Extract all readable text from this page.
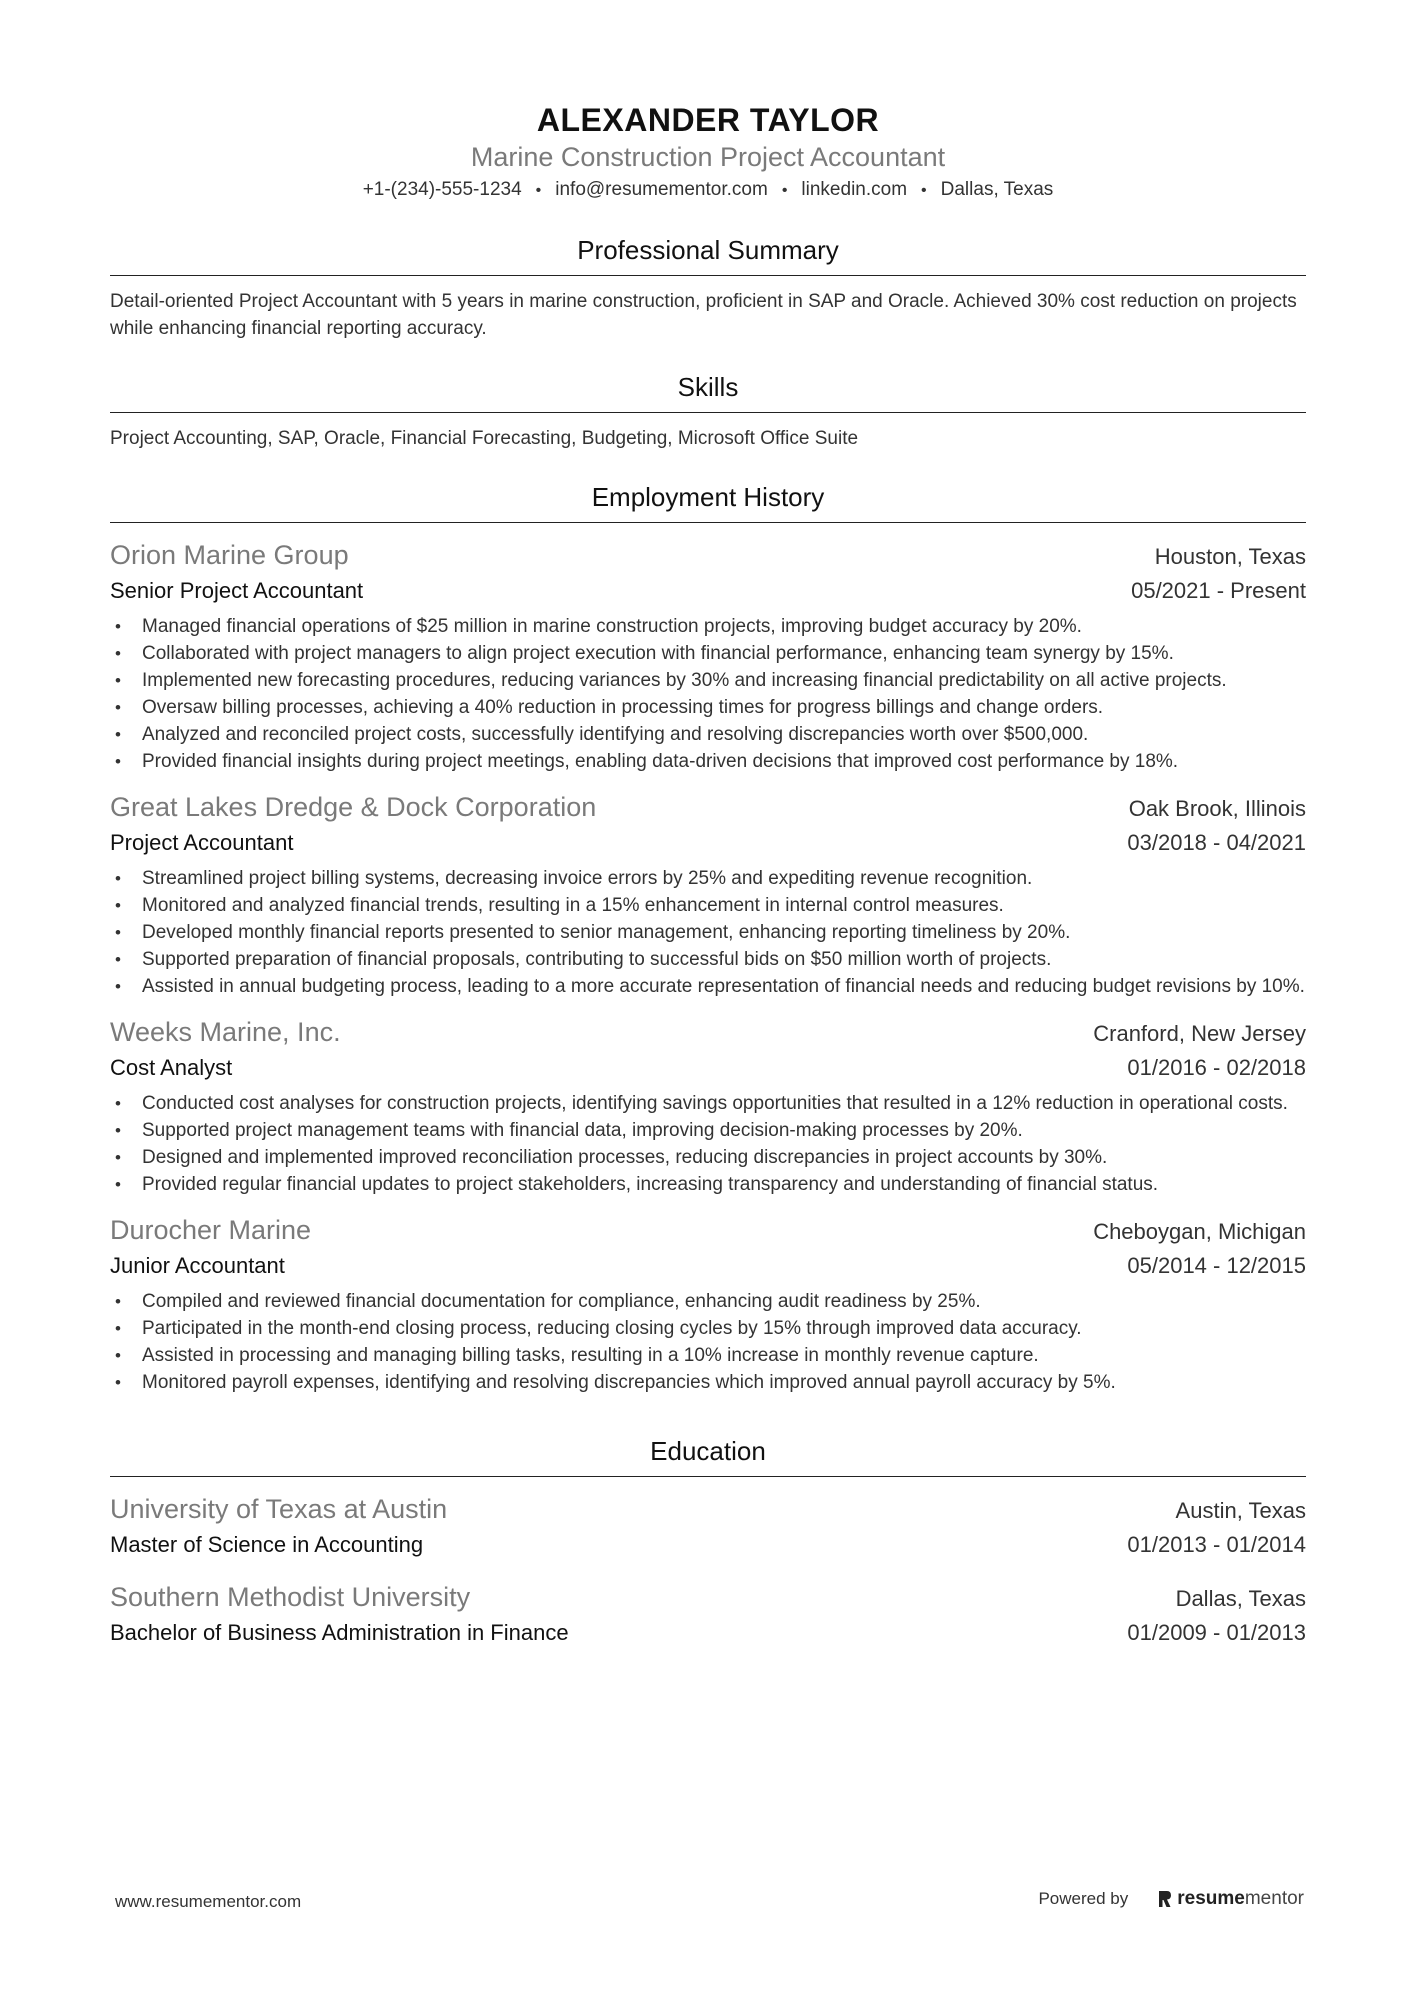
ALEXANDER TAYLOR
Marine Construction Project Accountant
+1-(234)-555-1234 • info@resumementor.com • linkedin.com • Dallas, Texas
Professional Summary
Detail-oriented Project Accountant with 5 years in marine construction, proficient in SAP and Oracle. Achieved 30% cost reduction on projects while enhancing financial reporting accuracy.
Skills
Project Accounting, SAP, Oracle, Financial Forecasting, Budgeting, Microsoft Office Suite
Employment History
Orion Marine Group	Houston, Texas
Senior Project Accountant	05/2021 - Present
• Managed financial operations of $25 million in marine construction projects, improving budget accuracy by 20%.
• Collaborated with project managers to align project execution with financial performance, enhancing team synergy by 15%.
• Implemented new forecasting procedures, reducing variances by 30% and increasing financial predictability on all active projects.
• Oversaw billing processes, achieving a 40% reduction in processing times for progress billings and change orders.
• Analyzed and reconciled project costs, successfully identifying and resolving discrepancies worth over $500,000.
• Provided financial insights during project meetings, enabling data-driven decisions that improved cost performance by 18%.
Great Lakes Dredge & Dock Corporation	Oak Brook, Illinois
Project Accountant	03/2018 - 04/2021
• Streamlined project billing systems, decreasing invoice errors by 25% and expediting revenue recognition.
• Monitored and analyzed financial trends, resulting in a 15% enhancement in internal control measures.
• Developed monthly financial reports presented to senior management, enhancing reporting timeliness by 20%.
• Supported preparation of financial proposals, contributing to successful bids on $50 million worth of projects.
• Assisted in annual budgeting process, leading to a more accurate representation of financial needs and reducing budget revisions by 10%.
Weeks Marine, Inc.	Cranford, New Jersey
Cost Analyst	01/2016 - 02/2018
• Conducted cost analyses for construction projects, identifying savings opportunities that resulted in a 12% reduction in operational costs.
• Supported project management teams with financial data, improving decision-making processes by 20%.
• Designed and implemented improved reconciliation processes, reducing discrepancies in project accounts by 30%.
• Provided regular financial updates to project stakeholders, increasing transparency and understanding of financial status.
Durocher Marine	Cheboygan, Michigan
Junior Accountant	05/2014 - 12/2015
• Compiled and reviewed financial documentation for compliance, enhancing audit readiness by 25%.
• Participated in the month-end closing process, reducing closing cycles by 15% through improved data accuracy.
• Assisted in processing and managing billing tasks, resulting in a 10% increase in monthly revenue capture.
• Monitored payroll expenses, identifying and resolving discrepancies which improved annual payroll accuracy by 5%.
Education
University of Texas at Austin	Austin, Texas
Master of Science in Accounting	01/2013 - 01/2014
Southern Methodist University	Dallas, Texas
Bachelor of Business Administration in Finance	01/2009 - 01/2013
www.resumementor.com	Powered by	resume mentor
